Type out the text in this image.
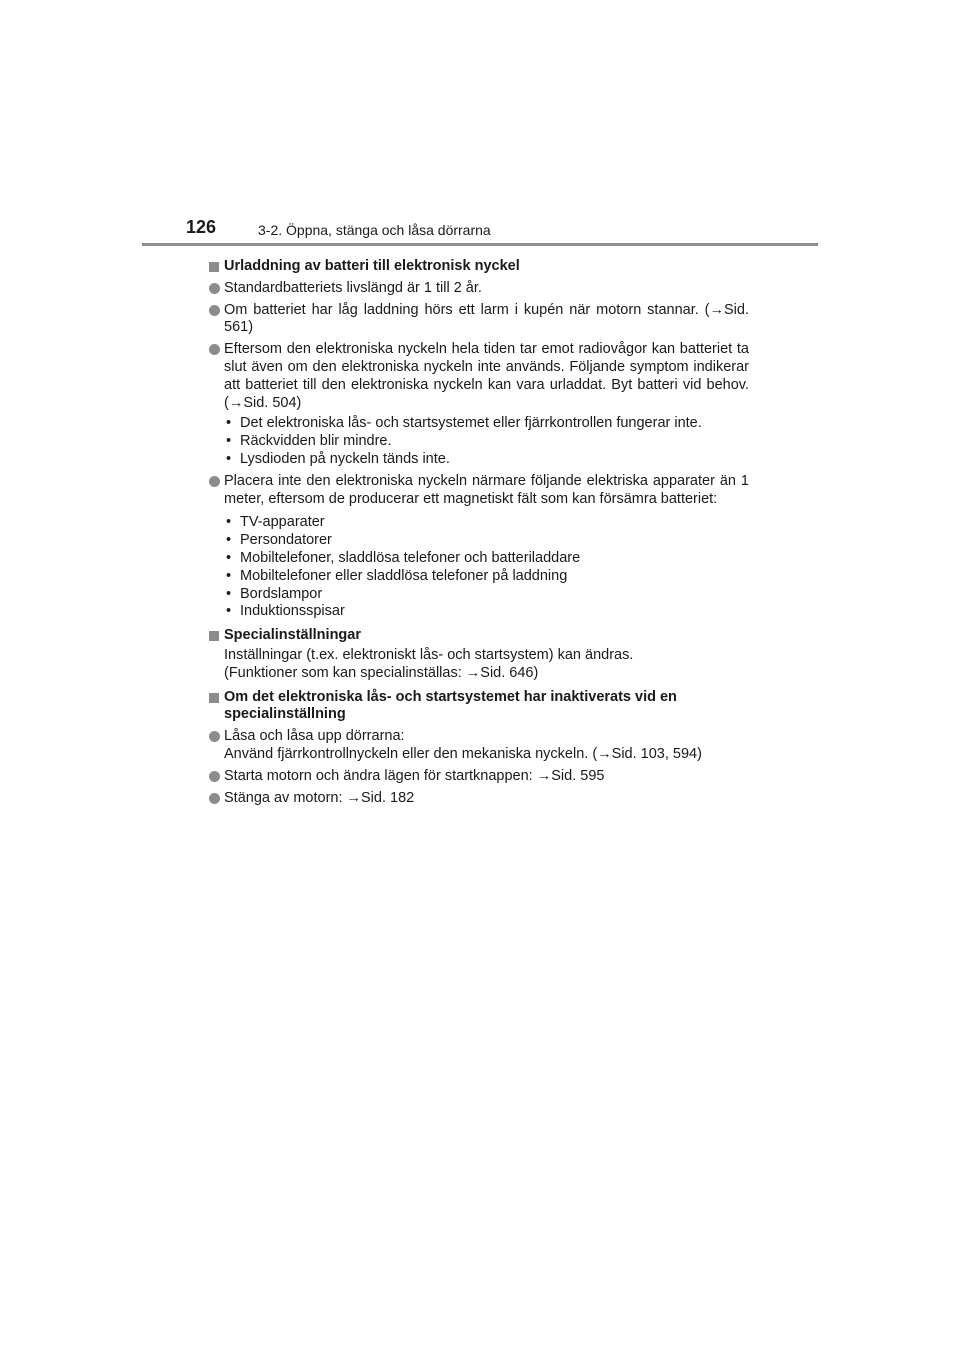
126	3-2. Öppna, stänga och låsa dörrarna
Urladdning av batteri till elektronisk nyckel
Standardbatteriets livslängd är 1 till 2 år.
Om batteriet har låg laddning hörs ett larm i kupén när motorn stannar. (→Sid. 561)
Eftersom den elektroniska nyckeln hela tiden tar emot radiovågor kan batteriet ta slut även om den elektroniska nyckeln inte används. Följande symptom indikerar att batteriet till den elektroniska nyckeln kan vara urladdat. Byt batteri vid behov. (→Sid. 504)
• Det elektroniska lås- och startsystemet eller fjärrkontrollen fungerar inte.
• Räckvidden blir mindre.
• Lysdioden på nyckeln tänds inte.
Placera inte den elektroniska nyckeln närmare följande elektriska apparater än 1 meter, eftersom de producerar ett magnetiskt fält som kan försämra batteriet:
• TV-apparater
• Persondatorer
• Mobiltelefoner, sladdlösa telefoner och batteriladdare
• Mobiltelefoner eller sladdlösa telefoner på laddning
• Bordslampor
• Induktionsspisar
Specialinställningar
Inställningar (t.ex. elektroniskt lås- och startsystem) kan ändras.
(Funktioner som kan specialinställas: →Sid. 646)
Om det elektroniska lås- och startsystemet har inaktiverats vid en specialinställning
Låsa och låsa upp dörrarna:
Använd fjärrkontrollnyckeln eller den mekaniska nyckeln. (→Sid. 103, 594)
Starta motorn och ändra lägen för startknappen: →Sid. 595
Stänga av motorn: →Sid. 182
